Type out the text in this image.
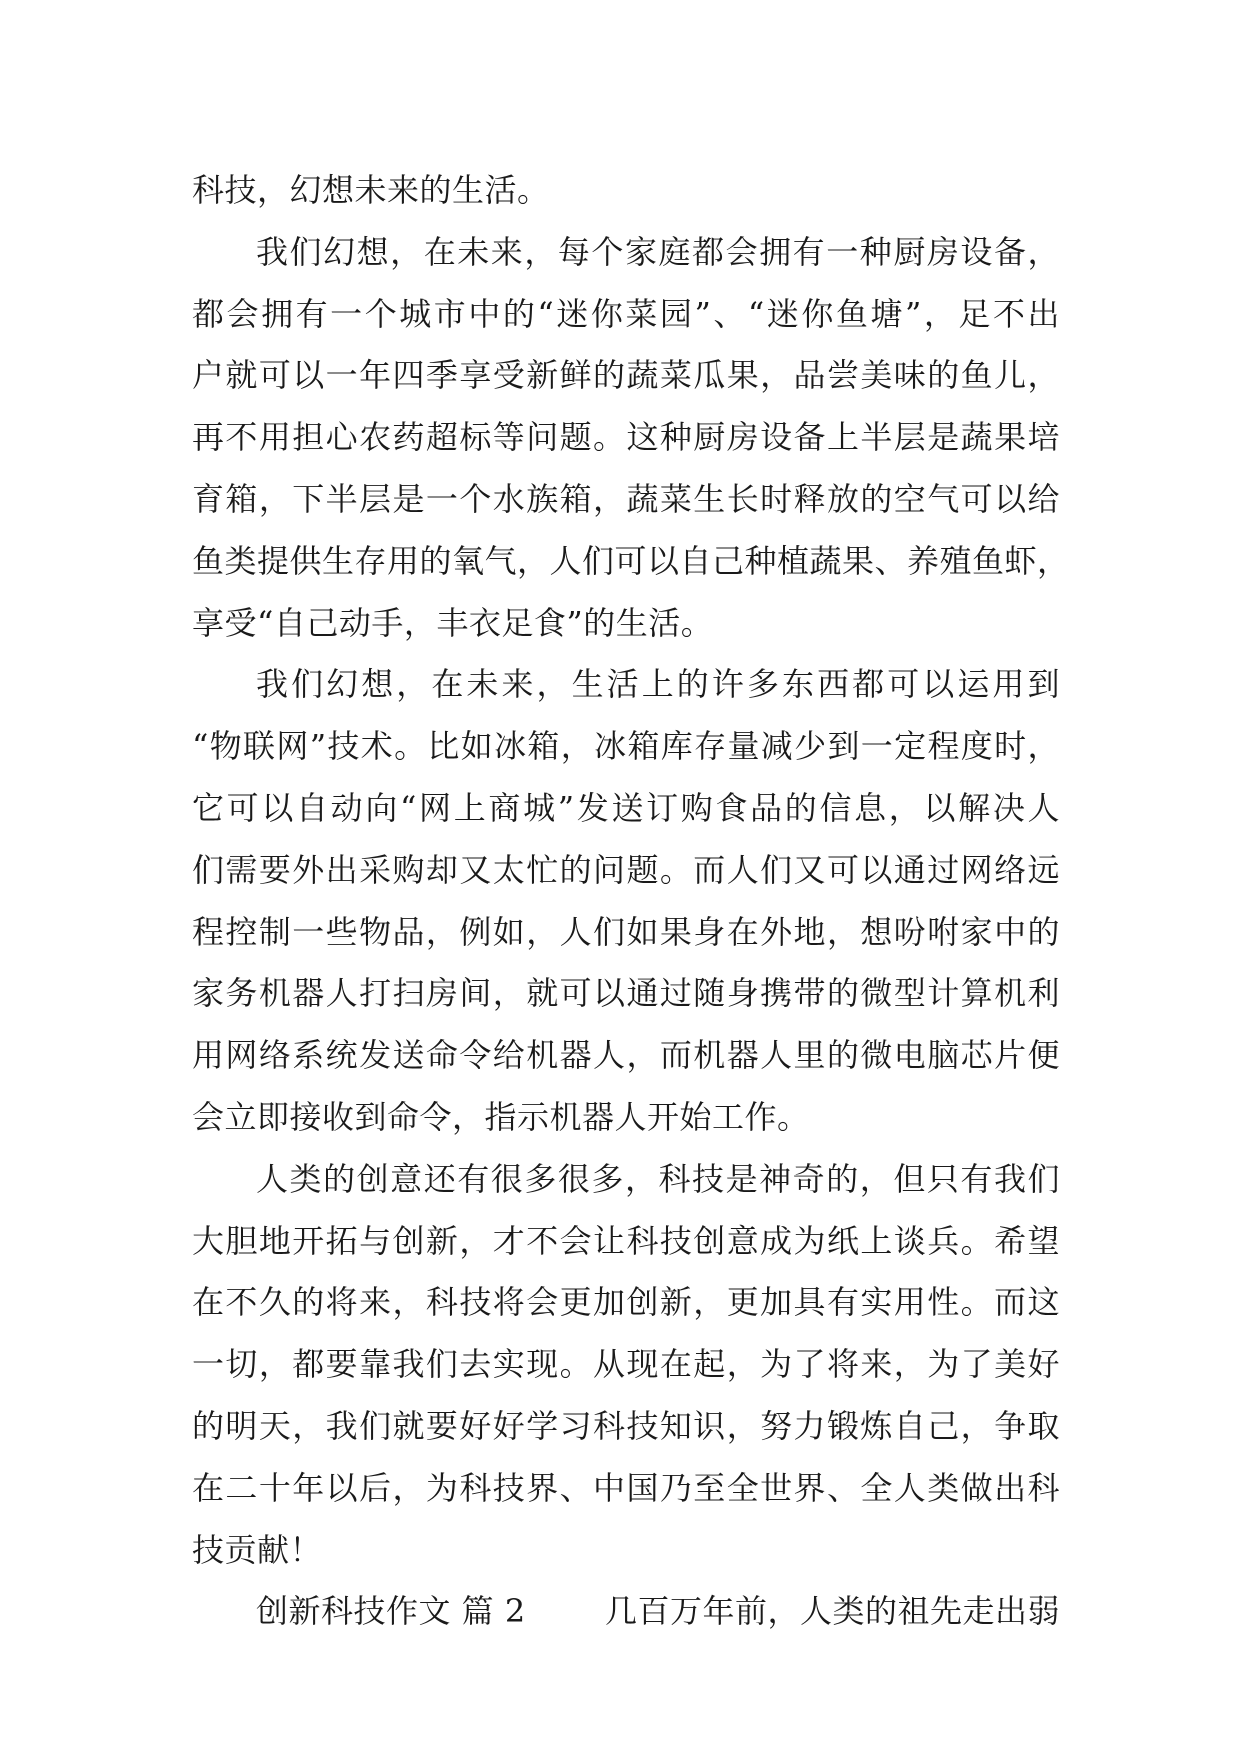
科技，幻想未来的生活。
我们幻想，在未来，每个家庭都会拥有一种厨房设备，
都会拥有一个城市中的“迷你菜园”、“迷你鱼塘”，足不出
户就可以一年四季享受新鲜的蔬菜瓜果，品尝美味的鱼儿，
再不用担心农药超标等问题。这种厨房设备上半层是蔬果培
育箱，下半层是一个水族箱，蔬菜生长时释放的空气可以给
鱼类提供生存用的氧气，人们可以自己种植蔬果、养殖鱼虾，
享受“自己动手，丰衣足食”的生活。
我们幻想，在未来，生活上的许多东西都可以运用到
“物联网”技术。比如冰箱，冰箱库存量减少到一定程度时，
它可以自动向“网上商城”发送订购食品的信息，以解决人
们需要外出采购却又太忙的问题。而人们又可以通过网络远
程控制一些物品，例如，人们如果身在外地，想吩咐家中的
家务机器人打扫房间，就可以通过随身携带的微型计算机利
用网络系统发送命令给机器人，而机器人里的微电脑芯片便
会立即接收到命令，指示机器人开始工作。
人类的创意还有很多很多，科技是神奇的，但只有我们
大胆地开拓与创新，才不会让科技创意成为纸上谈兵。希望
在不久的将来，科技将会更加创新，更加具有实用性。而这
一切，都要靠我们去实现。从现在起，为了将来，为了美好
的明天，我们就要好好学习科技知识，努力锻炼自己，争取
在二十年以后，为科技界、中国乃至全世界、全人类做出科
技贡献！
创新科技作文 篇 2 几百万年前，人类的祖先走出弱
